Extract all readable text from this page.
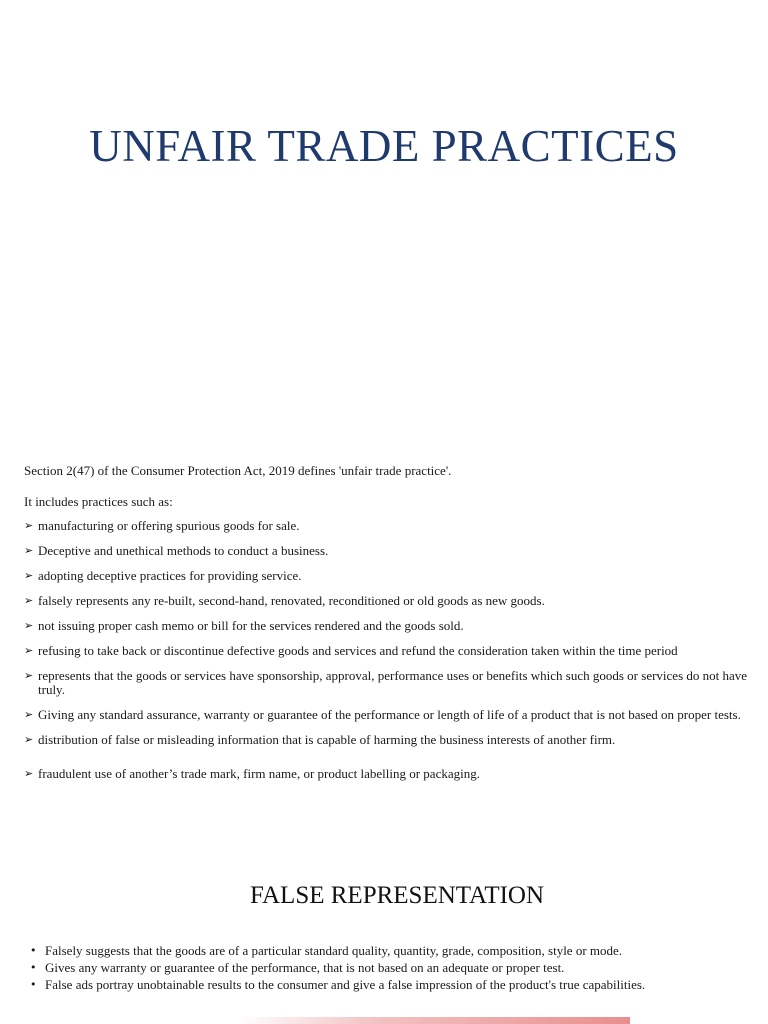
UNFAIR TRADE PRACTICES
Section 2(47) of the Consumer Protection Act, 2019 defines 'unfair trade practice'.
It includes practices such as:
➢ manufacturing or offering spurious goods for sale.
➢ Deceptive and unethical methods to conduct a business.
➢ adopting deceptive practices for providing service.
➢ falsely represents any re-built, second-hand, renovated, reconditioned or old goods as new goods.
➢ not issuing proper cash memo or bill for the services rendered and the goods sold.
➢ refusing to take back or discontinue defective goods and services and refund the consideration taken within the time period
➢ represents that the goods or services have sponsorship, approval, performance uses or benefits which such goods or services do not have truly.
➢ Giving any standard assurance, warranty or guarantee of the performance or length of life of a product that is not based on proper tests.
➢ distribution of false or misleading information that is capable of harming the business interests of another firm.
➢ fraudulent use of another’s trade mark, firm name, or product labelling or packaging.
FALSE REPRESENTATION
• Falsely suggests that the goods are of a particular standard quality, quantity, grade, composition, style or mode.
• Gives any warranty or guarantee of the performance, that is not based on an adequate or proper test.
• False ads portray unobtainable results to the consumer and give a false impression of the product's true capabilities.
